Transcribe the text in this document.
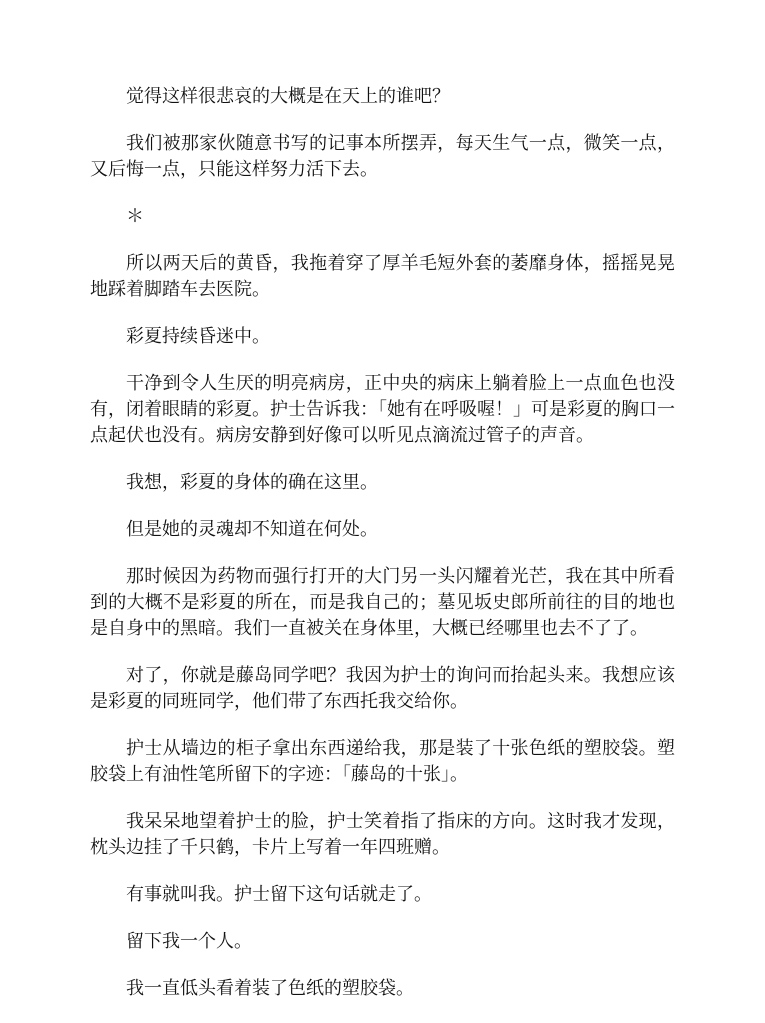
觉得这样很悲哀的大概是在天上的谁吧？

我们被那家伙随意书写的记事本所摆弄，每天生气一点，微笑一点，又后悔一点，只能这样努力活下去。

＊

所以两天后的黄昏，我拖着穿了厚羊毛短外套的萎靡身体，摇摇晃晃地踩着脚踏车去医院。

彩夏持续昏迷中。

干净到令人生厌的明亮病房，正中央的病床上躺着脸上一点血色也没有，闭着眼睛的彩夏。护士告诉我：「她有在呼吸喔！」可是彩夏的胸口一点起伏也没有。病房安静到好像可以听见点滴流过管子的声音。

我想，彩夏的身体的确在这里。

但是她的灵魂却不知道在何处。

那时候因为药物而强行打开的大门另一头闪耀着光芒，我在其中所看到的大概不是彩夏的所在，而是我自己的；墓见坂史郎所前往的目的地也是自身中的黑暗。我们一直被关在身体里，大概已经哪里也去不了了。

对了，你就是藤岛同学吧？我因为护士的询问而抬起头来。我想应该是彩夏的同班同学，他们带了东西托我交给你。

护士从墙边的柜子拿出东西递给我，那是装了十张色纸的塑胶袋。塑胶袋上有油性笔所留下的字迹：「藤岛的十张」。

我呆呆地望着护士的脸，护士笑着指了指床的方向。这时我才发现，枕头边挂了千只鹤，卡片上写着一年四班赠。

有事就叫我。护士留下这句话就走了。

留下我一个人。

我一直低头看着装了色纸的塑胶袋。
